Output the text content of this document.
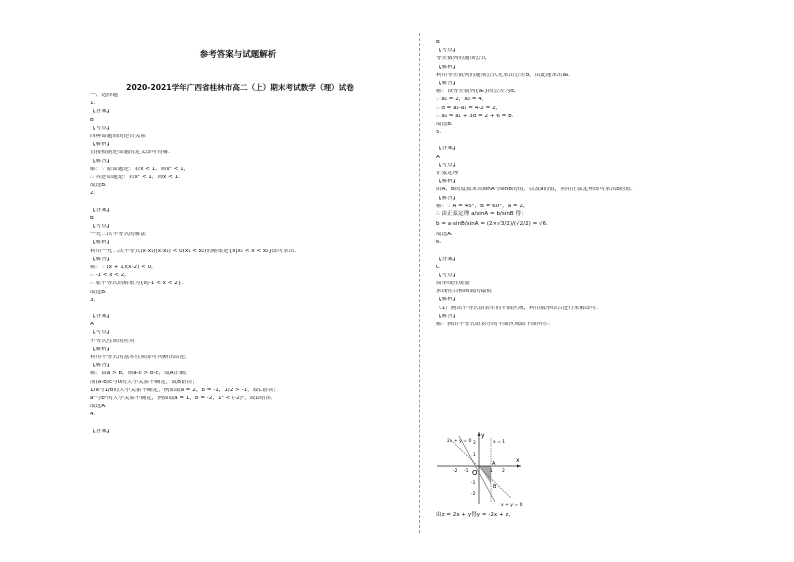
参考答案与试题解析
2020-2021学年广西省桂林市高二（上）期末考试数学（理）试卷
一、选择题
1.
【答案】
B
【考点】
四种命题间的逆否关系
【解析】
直接根据逆命题的定义即可得解.
【解答】
解：∵ 原命题是：若x < 1，则x² < 1，
∴ 其逆命题是：若x² < 1，则x < 1.
故选B.
2.
【答案】
B
【考点】
一元二次不等式的解法
【解析】
利用一元二次不等式(x-x₁)(x-x₂) < 0(x₁ < x₂)的解集是{x|x₁ < x < x₂}即可求出.
【解答】
解：∵ (x + 1)(x-2) < 0，
∴ -1 < x < 2，
∴ 原不等式的解集为{x|-1 < x < 2}.
故选B.
3.
【答案】
A
【考点】
不等式性质的应用
【解析】
利用不等式的基本性质即可判断出结论.
【解答】
解：由a > b，则a-c > b-c，故A正确；
而(a-b)c与0的大小关系不确定，故B错误；
1/a与1/b的大小关系不确定，例如取a = 2，b = -1，1/2 > -1，故C错误；
a²与b²的大小关系不确定，例如取a = 1，b = -2，1² < (-2)²，故D错误.
故选A.
4.
【答案】
B
【考点】
等差数列的通项公式
【解析】
利用等差数列的通项公式先求出公差d，由此能求出a₆.
【解答】
解：设等差数列{aₙ}的公差为d，
∵ a₁ = 2，a₂ = 4，
∴ d = a₂-a₁ = 4-2 = 2，
∴ a₄ = a₁ + 3d = 2 + 6 = 8.
故选B.
5.
【答案】
A
【考点】
正弦定理
【解析】
由A，B的度数求出sinA与sinB的值，以及a的值，利用正弦定理即可求出b的值.
【解答】
解：∵ A = 45°，B = 60°，a = 2，
∴ 由正弦定理 a/sinA = b/sinB 得：
b = a·sinB/sinA = (2×√3/2)/(√2/2) = √6.
故选A.
6.
【答案】
C
【考点】
简单线性规划
求线性目标函数的最值
【解析】
（1）画出不等式组表示的平面区域，利用数形结合进行求解即可.
【解答】
解：画出不等式组表示的平面区域如下图所示：
x
y
O
-2 -1	1 2
2
1
-1
-2
2x + y = 0	x = 1
x + y = 0
A
B
由z = 2x + y得y = -2x + z，
